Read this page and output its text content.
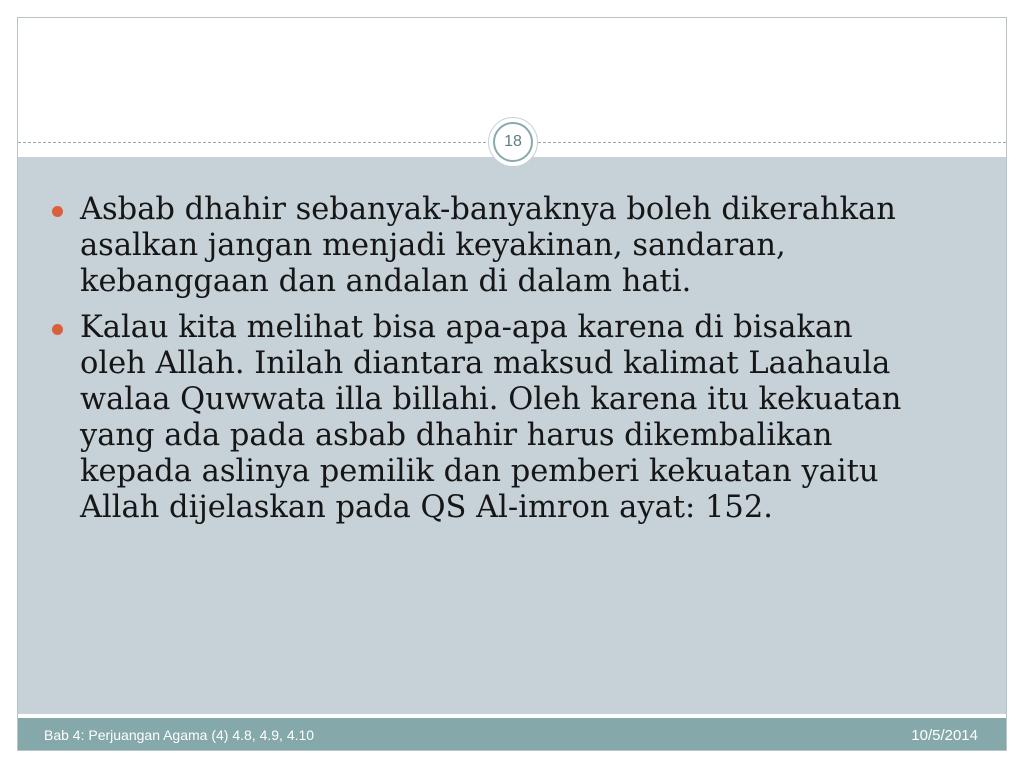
18
Asbab dhahir sebanyak-banyaknya boleh dikerahkan asalkan jangan menjadi keyakinan, sandaran, kebanggaan dan andalan di dalam hati.
Kalau kita melihat bisa apa-apa karena di bisakan oleh Allah. Inilah diantara maksud kalimat Laahaula walaa Quwwata illa billahi. Oleh karena itu kekuatan yang ada pada asbab dhahir harus dikembalikan kepada aslinya pemilik dan pemberi kekuatan yaitu Allah dijelaskan pada QS Al-imron ayat: 152.
Bab 4: Perjuangan Agama (4) 4.8, 4.9, 4.10	10/5/2014
